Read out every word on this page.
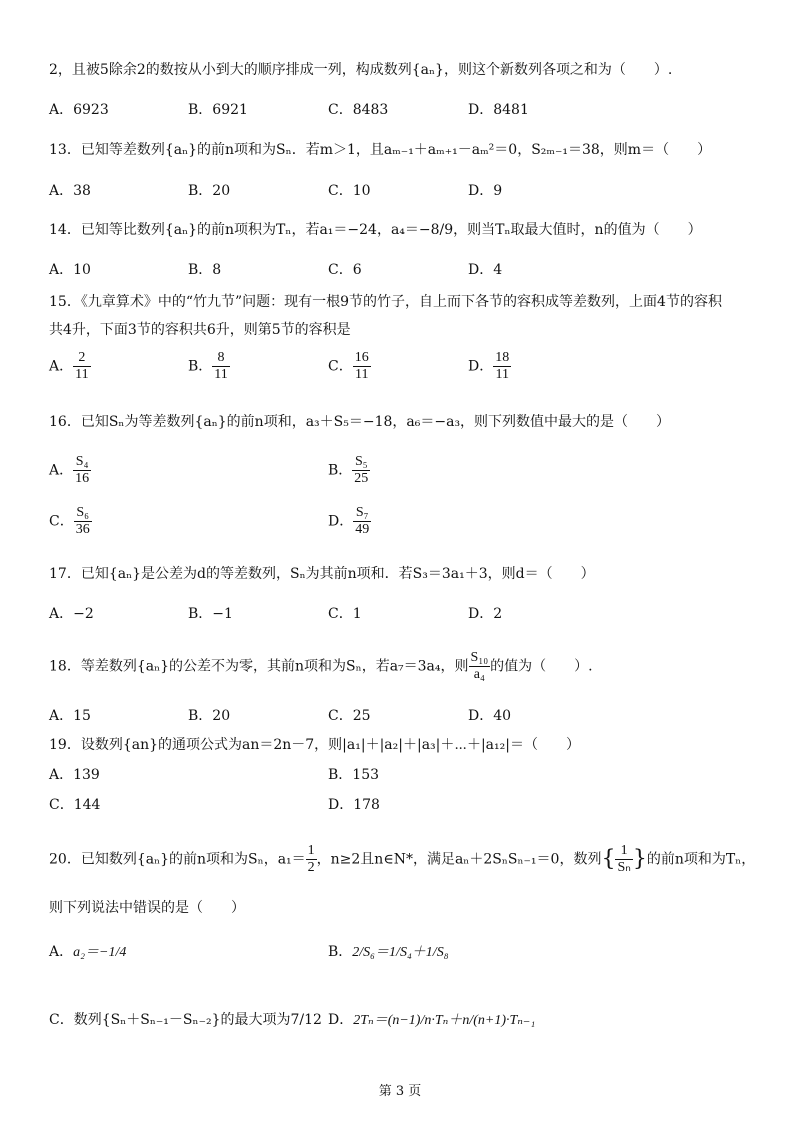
2，且被5除余2的数按从小到大的顺序排成一列，构成数列{aₙ}，则这个新数列各项之和为（　　）.
A．6923	B．6921	C．8483	D．8481
13．已知等差数列{aₙ}的前n项和为Sₙ．若m＞1，且aₘ₋₁＋aₘ₊₁－aₘ²＝0，S₂ₘ₋₁＝38，则m＝（　　）
A．38	B．20	C．10	D．9
14．已知等比数列{aₙ}的前n项积为Tₙ，若a₁＝−24，a₄＝−8/9，则当Tₙ取最大值时，n的值为（　　）
A．10	B．8	C．6	D．4
15．《九章算术》中的“竹九节”问题：现有一根9节的竹子，自上而下各节的容积成等差数列，上面4节的容积
共4升，下面3节的容积共6升，则第5节的容积是
A． $\frac{2}{11}$	B． $\frac{8}{11}$	C． $\frac{16}{11}$	D． $\frac{18}{11}$
16．已知Sₙ为等差数列{aₙ}的前n项和，a₃＋S₅＝−18，a₆＝−a₃，则下列数值中最大的是（　　）
A． $\frac{\text{S₄}}{16}$	B． $\frac{\text{S₅}}{25}$
C． $\frac{\text{S₆}}{36}$	D． $\frac{\text{S₇}}{49}$
17．已知{aₙ}是公差为d的等差数列，Sₙ为其前n项和．若S₃＝3a₁＋3，则d＝（　　）
A．−2	B．−1	C．1	D．2
18．等差数列{aₙ}的公差不为零，其前n项和为Sₙ，若a₇＝3a₄，则 $\frac{\text{S₁₀}}{\text{a₄}}$ 的值为（　　）.
A．15	B．20	C．25	D．40
19．设数列{an}的通项公式为an＝2n－7，则|a₁|＋|a₂|＋|a₃|＋⋯＋|a₁₂|＝（　　）
A．139	B．153
C．144	D．178
20．已知数列{aₙ}的前n项和为Sₙ，$a_1= \frac{1}{2}$ ，n≥2且n∈N*，满足aₙ＋2SₙSₙ₋₁＝0，数列{ $\frac{1}{\text{Sₙ}}$ }的前n项和为Tₙ，
则下列说法中错误的是（　　）
A．a₂＝−1/4	B．2/S₆＝1/S₄＋1/S₈
C．数列{Sₙ＋Sₙ₋₁－Sₙ₋₂}的最大项为7/12 D．2Tₙ＝(n−1)/n·Tₙ＋n/(n+1)·Tₙ₋₁
第 3 页
